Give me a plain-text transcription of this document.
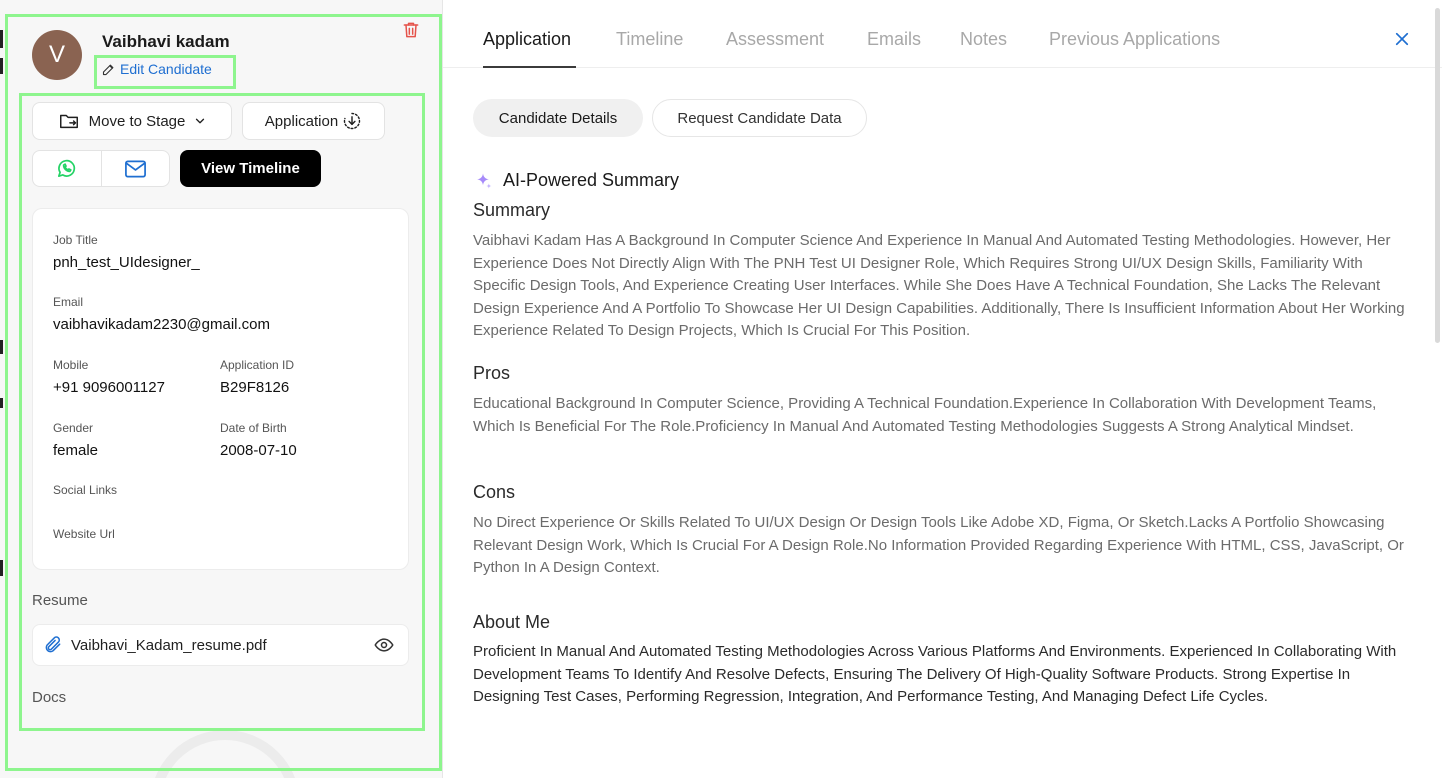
V Vaibhavi kadam
Edit Candidate
Move to Stage	Application
View Timeline
Job Title
pnh_test_UIdesigner_
Email
vaibhavikadam2230@gmail.com
Mobile
+91 9096001127
Application ID
B29F8126
Gender
female
Date of Birth
2008-07-10
Social Links
Website Url
Resume
Vaibhavi_Kadam_resume.pdf
Docs
Application Timeline Assessment Emails Notes Previous Applications
Candidate Details	Request Candidate Data
AI-Powered Summary
Summary
Vaibhavi Kadam Has A Background In Computer Science And Experience In Manual And Automated Testing Methodologies. However, Her Experience Does Not Directly Align With The PNH Test UI Designer Role, Which Requires Strong UI/UX Design Skills, Familiarity With Specific Design Tools, And Experience Creating User Interfaces. While She Does Have A Technical Foundation, She Lacks The Relevant Design Experience And A Portfolio To Showcase Her UI Design Capabilities. Additionally, There Is Insufficient Information About Her Working Experience Related To Design Projects, Which Is Crucial For This Position.
Pros
Educational Background In Computer Science, Providing A Technical Foundation.Experience In Collaboration With Development Teams, Which Is Beneficial For The Role.Proficiency In Manual And Automated Testing Methodologies Suggests A Strong Analytical Mindset.
Cons
No Direct Experience Or Skills Related To UI/UX Design Or Design Tools Like Adobe XD, Figma, Or Sketch.Lacks A Portfolio Showcasing Relevant Design Work, Which Is Crucial For A Design Role.No Information Provided Regarding Experience With HTML, CSS, JavaScript, Or Python In A Design Context.
About Me
Proficient In Manual And Automated Testing Methodologies Across Various Platforms And Environments. Experienced In Collaborating With Development Teams To Identify And Resolve Defects, Ensuring The Delivery Of High-Quality Software Products. Strong Expertise In Designing Test Cases, Performing Regression, Integration, And Performance Testing, And Managing Defect Life Cycles.
